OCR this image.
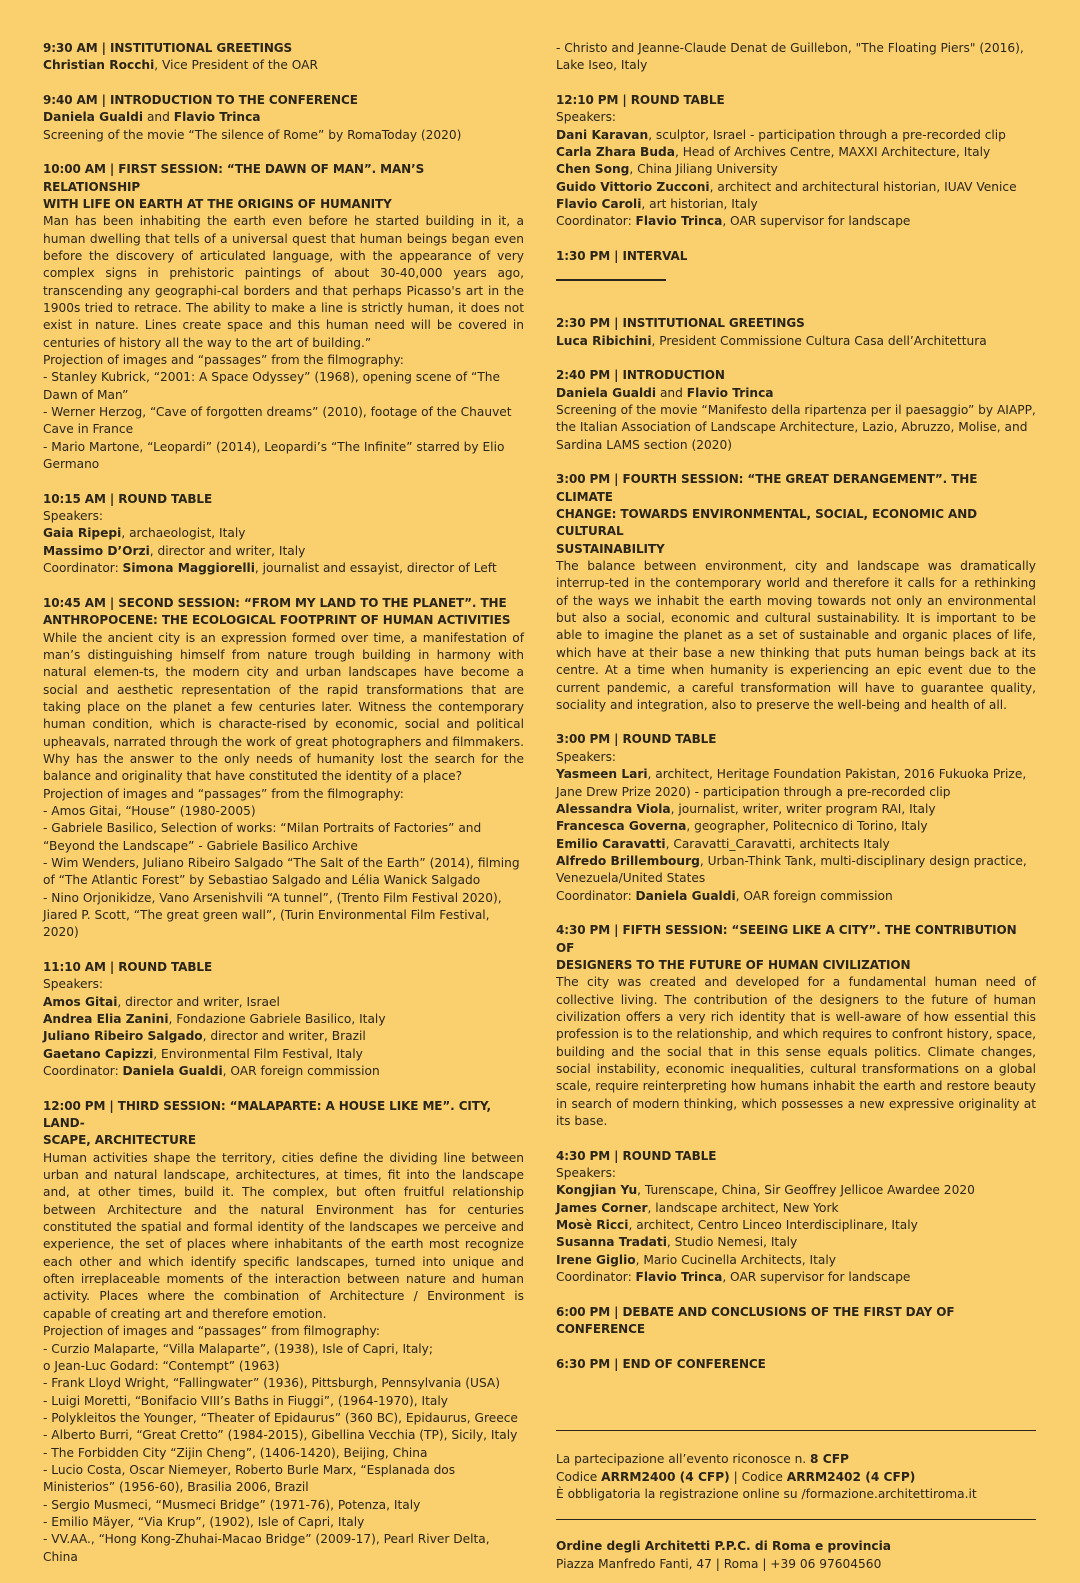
9:30 AM | INSTITUTIONAL GREETINGS
Christian Rocchi, Vice President of the OAR
9:40 AM | INTRODUCTION TO THE CONFERENCE
Daniela Gualdi and Flavio Trinca
Screening of the movie “The silence of Rome” by RomaToday (2020)
10:00 AM | FIRST SESSION: “THE DAWN OF MAN”. MAN’S RELATIONSHIP
WITH LIFE ON EARTH AT THE ORIGINS OF HUMANITY
Man has been inhabiting the earth even before he started building in it, a human dwelling that tells of a universal quest that human beings began even before the discovery of articulated language, with the appearance of very complex signs in prehistoric paintings of about 30-40,000 years ago, transcending any geographi-cal borders and that perhaps Picasso's art in the 1900s tried to retrace. The ability to make a line is strictly human, it does not exist in nature. Lines create space and this human need will be covered in centuries of history all the way to the art of building.”
Projection of images and “passages” from the filmography:
- Stanley Kubrick, “2001: A Space Odyssey” (1968), opening scene of “The Dawn of Man”
- Werner Herzog, “Cave of forgotten dreams” (2010), footage of the Chauvet Cave in France
- Mario Martone, “Leopardi” (2014), Leopardi’s “The Infinite” starred by Elio Germano
10:15 AM | ROUND TABLE
Speakers:
Gaia Ripepi, archaeologist, Italy
Massimo D’Orzi, director and writer, Italy
Coordinator: Simona Maggiorelli, journalist and essayist, director of Left
10:45 AM | SECOND SESSION: “FROM MY LAND TO THE PLANET”. THE
ANTHROPOCENE: THE ECOLOGICAL FOOTPRINT OF HUMAN ACTIVITIES
While the ancient city is an expression formed over time, a manifestation of man’s distinguishing himself from nature trough building in harmony with natural elemen-ts, the modern city and urban landscapes have become a social and aesthetic representation of the rapid transformations that are taking place on the planet a few centuries later. Witness the contemporary human condition, which is characte-rised by economic, social and political upheavals, narrated through the work of great photographers and filmmakers. Why has the answer to the only needs of humanity lost the search for the balance and originality that have constituted the identity of a place?
Projection of images and “passages” from the filmography:
- Amos Gitai, “House” (1980-2005)
- Gabriele Basilico, Selection of works: “Milan Portraits of Factories” and “Beyond the Landscape” - Gabriele Basilico Archive
- Wim Wenders, Juliano Ribeiro Salgado “The Salt of the Earth” (2014), filming of “The Atlantic Forest” by Sebastiao Salgado and Lélia Wanick Salgado
- Nino Orjonikidze, Vano Arsenishvili “A tunnel”, (Trento Film Festival 2020), Jiared P. Scott, “The great green wall”, (Turin Environmental Film Festival, 2020)
11:10 AM | ROUND TABLE
Speakers:
Amos Gitai, director and writer, Israel
Andrea Elia Zanini, Fondazione Gabriele Basilico, Italy
Juliano Ribeiro Salgado, director and writer, Brazil
Gaetano Capizzi, Environmental Film Festival, Italy
Coordinator: Daniela Gualdi, OAR foreign commission
12:00 PM | THIRD SESSION: “MALAPARTE: A HOUSE LIKE ME”. CITY, LAND-
SCAPE, ARCHITECTURE
Human activities shape the territory, cities define the dividing line between urban and natural landscape, architectures, at times, fit into the landscape and, at other times, build it. The complex, but often fruitful relationship between Architecture and the natural Environment has for centuries constituted the spatial and formal identity of the landscapes we perceive and experience, the set of places where inhabitants of the earth most recognize each other and which identify specific landscapes, turned into unique and often irreplaceable moments of the interaction between nature and human activity. Places where the combination of Architecture / Environment is capable of creating art and therefore emotion.
Projection of images and “passages” from filmography:
- Curzio Malaparte, “Villa Malaparte”, (1938), Isle of Capri, Italy;
o Jean-Luc Godard: “Contempt” (1963)
- Frank Lloyd Wright, “Fallingwater” (1936), Pittsburgh, Pennsylvania (USA)
- Luigi Moretti, “Bonifacio VIII’s Baths in Fiuggi”, (1964-1970), Italy
- Polykleitos the Younger, “Theater of Epidaurus” (360 BC), Epidaurus, Greece
- Alberto Burri, “Great Cretto” (1984-2015), Gibellina Vecchia (TP), Sicily, Italy
- The Forbidden City “Zijin Cheng”, (1406-1420), Beijing, China
- Lucio Costa, Oscar Niemeyer, Roberto Burle Marx, “Esplanada dos Ministerios” (1956-60), Brasilia 2006, Brazil
- Sergio Musmeci, “Musmeci Bridge” (1971-76), Potenza, Italy
- Emilio Mäyer, “Via Krup”, (1902), Isle of Capri, Italy
- VV.AA., “Hong Kong-Zhuhai-Macao Bridge” (2009-17), Pearl River Delta, China
- Christo and Jeanne-Claude Denat de Guillebon, "The Floating Piers" (2016), Lake Iseo, Italy
12:10 PM | ROUND TABLE
Speakers:
Dani Karavan, sculptor, Israel - participation through a pre-recorded clip
Carla Zhara Buda, Head of Archives Centre, MAXXI Architecture, Italy
Chen Song, China Jiliang University
Guido Vittorio Zucconi, architect and architectural historian, IUAV Venice
Flavio Caroli, art historian, Italy
Coordinator: Flavio Trinca, OAR supervisor for landscape
1:30 PM | INTERVAL
2:30 PM | INSTITUTIONAL GREETINGS
Luca Ribichini, President Commissione Cultura Casa dell’Architettura
2:40 PM | INTRODUCTION
Daniela Gualdi and Flavio Trinca
Screening of the movie “Manifesto della ripartenza per il paesaggio” by AIAPP, the Italian Association of Landscape Architecture, Lazio, Abruzzo, Molise, and Sardina LAMS section (2020)
3:00 PM | FOURTH SESSION: “THE GREAT DERANGEMENT”. THE CLIMATE
CHANGE: TOWARDS ENVIRONMENTAL, SOCIAL, ECONOMIC AND CULTURAL
SUSTAINABILITY
The balance between environment, city and landscape was dramatically interrup-ted in the contemporary world and therefore it calls for a rethinking of the ways we inhabit the earth moving towards not only an environmental but also a social, economic and cultural sustainability. It is important to be able to imagine the planet as a set of sustainable and organic places of life, which have at their base a new thinking that puts human beings back at its centre. At a time when humanity is experiencing an epic event due to the current pandemic, a careful transformation will have to guarantee quality, sociality and integration, also to preserve the well-being and health of all.
3:00 PM | ROUND TABLE
Speakers:
Yasmeen Lari, architect, Heritage Foundation Pakistan, 2016 Fukuoka Prize, Jane Drew Prize 2020) - participation through a pre-recorded clip
Alessandra Viola, journalist, writer, writer program RAI, Italy
Francesca Governa, geographer, Politecnico di Torino, Italy
Emilio Caravatti, Caravatti_Caravatti, architects Italy
Alfredo Brillembourg, Urban-Think Tank, multi-disciplinary design practice, Venezuela/United States
Coordinator: Daniela Gualdi, OAR foreign commission
4:30 PM | FIFTH SESSION: “SEEING LIKE A CITY”. THE CONTRIBUTION OF
DESIGNERS TO THE FUTURE OF HUMAN CIVILIZATION
The city was created and developed for a fundamental human need of collective living. The contribution of the designers to the future of human civilization offers a very rich identity that is well-aware of how essential this profession is to the relationship, and which requires to confront history, space, building and the social that in this sense equals politics. Climate changes, social instability, economic inequalities, cultural transformations on a global scale, require reinterpreting how humans inhabit the earth and restore beauty in search of modern thinking, which possesses a new expressive originality at its base.
4:30 PM | ROUND TABLE
Speakers:
Kongjian Yu, Turenscape, China, Sir Geoffrey Jellicoe Awardee 2020
James Corner, landscape architect, New York
Mosè Ricci, architect, Centro Linceo Interdisciplinare, Italy
Susanna Tradati, Studio Nemesi, Italy
Irene Giglio, Mario Cucinella Architects, Italy
Coordinator: Flavio Trinca, OAR supervisor for landscape
6:00 PM | DEBATE AND CONCLUSIONS OF THE FIRST DAY OF CONFERENCE
6:30 PM | END OF CONFERENCE
La partecipazione all’evento riconosce n. 8 CFP
Codice ARRM2400 (4 CFP) | Codice ARRM2402 (4 CFP)
È obbligatoria la registrazione online su /formazione.architettiroma.it
Ordine degli Architetti P.P.C. di Roma e provincia
Piazza Manfredo Fanti, 47 | Roma | +39 06 97604560
